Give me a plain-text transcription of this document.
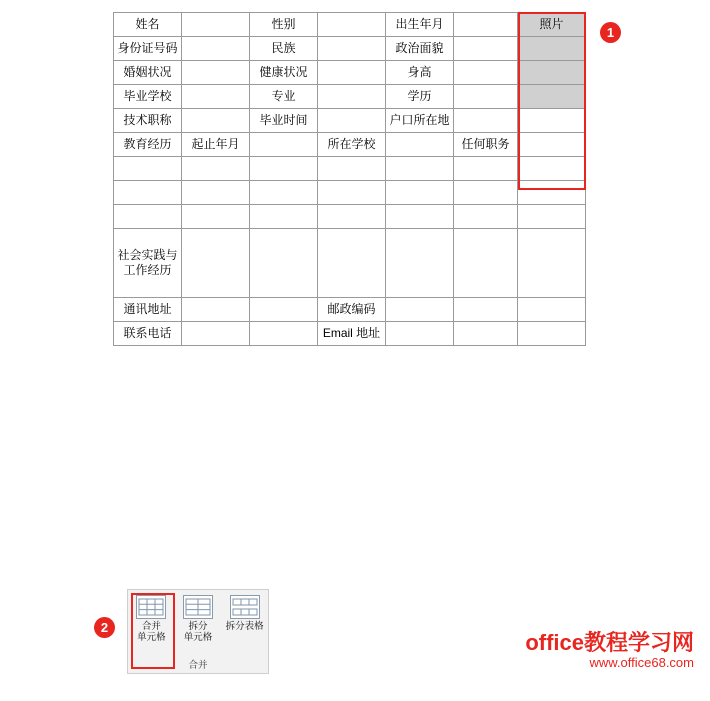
姓名		性别		出生年月		照片
身份证号码		民族		政治面貌		
婚姻状况		健康状况		身高		
毕业学校		专业		学历		
技术职称		毕业时间		户口所在地		
教育经历	起止年月		所在学校		任何职务	

社会实践与工作经历						
通讯地址			邮政编码			
联系电话			Email 地址			
1
2	合并
单元格
拆分
单元格
拆分表格
合并
office教程学习网
www.office68.com
